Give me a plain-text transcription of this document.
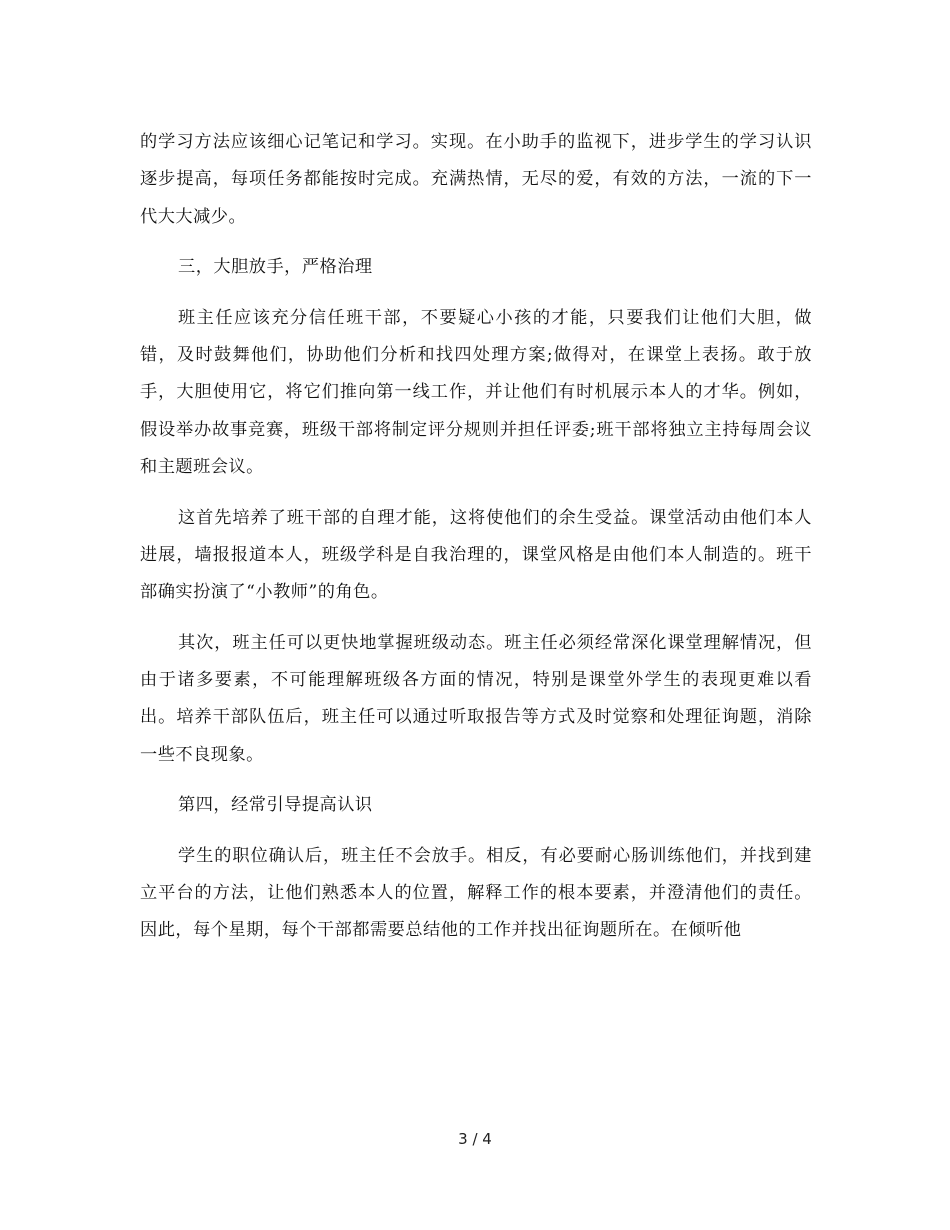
的学习方法应该细心记笔记和学习。实现。在小助手的监视下，进步学生的学习认识逐步提高，每项任务都能按时完成。充满热情，无尽的爱，有效的方法，一流的下一代大大减少。

三，大胆放手，严格治理

班主任应该充分信任班干部，不要疑心小孩的才能，只要我们让他们大胆，做错，及时鼓舞他们，协助他们分析和找四处理方案;做得对，在课堂上表扬。敢于放手，大胆使用它，将它们推向第一线工作，并让他们有时机展示本人的才华。例如，假设举办故事竞赛，班级干部将制定评分规则并担任评委;班干部将独立主持每周会议和主题班会议。

这首先培养了班干部的自理才能，这将使他们的余生受益。课堂活动由他们本人进展，墙报报道本人，班级学科是自我治理的，课堂风格是由他们本人制造的。班干部确实扮演了“小教师”的角色。

其次，班主任可以更快地掌握班级动态。班主任必须经常深化课堂理解情况，但由于诸多要素，不可能理解班级各方面的情况，特别是课堂外学生的表现更难以看出。培养干部队伍后，班主任可以通过听取报告等方式及时觉察和处理征询题，消除一些不良现象。

第四，经常引导提高认识

学生的职位确认后，班主任不会放手。相反，有必要耐心肠训练他们，并找到建立平台的方法，让他们熟悉本人的位置，解释工作的根本要素，并澄清他们的责任。因此，每个星期，每个干部都需要总结他的工作并找出征询题所在。在倾听他

3 / 4
